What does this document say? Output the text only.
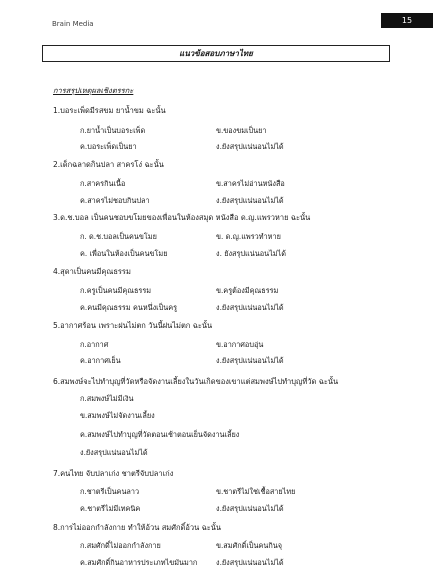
Brain Media	15
แนวข้อสอบภาษาไทย
การสรุปเหตุผลเชิงตรรกะ
1.บอระเพ็ดมีรสขม ยาน้ำขม ฉะนั้น
ก.ยาน้ำเป็นบอระเพ็ด	ข.ของขมเป็นยา
ค.บอระเพ็ดเป็นยา	ง.ยังสรุปแน่นอนไม่ได้
2.เด็กฉลาดกินปลา สาครโง่ ฉะนั้น
ก.สาครกินเนื้อ	ข.สาครไม่อ่านหนังสือ
ค.สาครไม่ชอบกินปลา	ง.ยังสรุปแน่นอนไม่ได้
3.ด.ช.บอล เป็นคนชอบขโมยของเพื่อนในห้องสมุด หนังสือ ด.ญ.แพรวหาย ฉะนั้น
ก. ด.ช.บอลเป็นคนขโมย	ข. ด.ญ.แพรวทำหาย
ค. เพื่อนในห้องเป็นคนขโมย	ง. ยังสรุปแน่นอนไม่ได้
4.สุดาเป็นคนมีคุณธรรม
ก.ครูเป็นคนมีคุณธรรม	ข.ครูต้องมีคุณธรรม
ค.คนมีคุณธรรม คนหนึ่งเป็นครู	ง.ยังสรุปแน่นอนไม่ได้
5.อากาศร้อน เพราะฝนไม่ตก วันนี้ฝนไม่ตก ฉะนั้น
ก.อากาศ	ข.อากาศอบอุ่น
ค.อากาศเย็น	ง.ยังสรุปแน่นอนไม่ได้
6.สมพงษ์จะไปทำบุญที่วัดหรือจัดงานเลี้ยงในวันเกิดของเขาแต่สมพงษ์ไปทำบุญที่วัด ฉะนั้น
ก.สมพงษ์ไม่มีเงิน
ข.สมพงษ์ไม่จัดงานเลี้ยง
ค.สมพงษ์ไปทำบุญที่วัดตอนเช้าตอนเย็นจัดงานเลี้ยง
ง.ยังสรุปแน่นอนไม่ได้
7.คนไทย จับปลาเก่ง ชาตรีจับปลาเก่ง
ก.ชาตรีเป็นคนลาว	ข.ชาตรีไม่ใช่เชื้อสายไทย
ค.ชาตรีไม่มีเทคนิค	ง.ยังสรุปแน่นอนไม่ได้
8.การไม่ออกกำลังกาย ทำให้อ้วน สมศักดิ์อ้วน ฉะนั้น
ก.สมศักดิ์ไม่ออกกำลังกาย	ข.สมศักดิ์เป็นคนกินจุ
ค.สมศักดิ์กินอาหารประเภทไขมันมาก	ง.ยังสรุปแน่นอนไม่ได้
